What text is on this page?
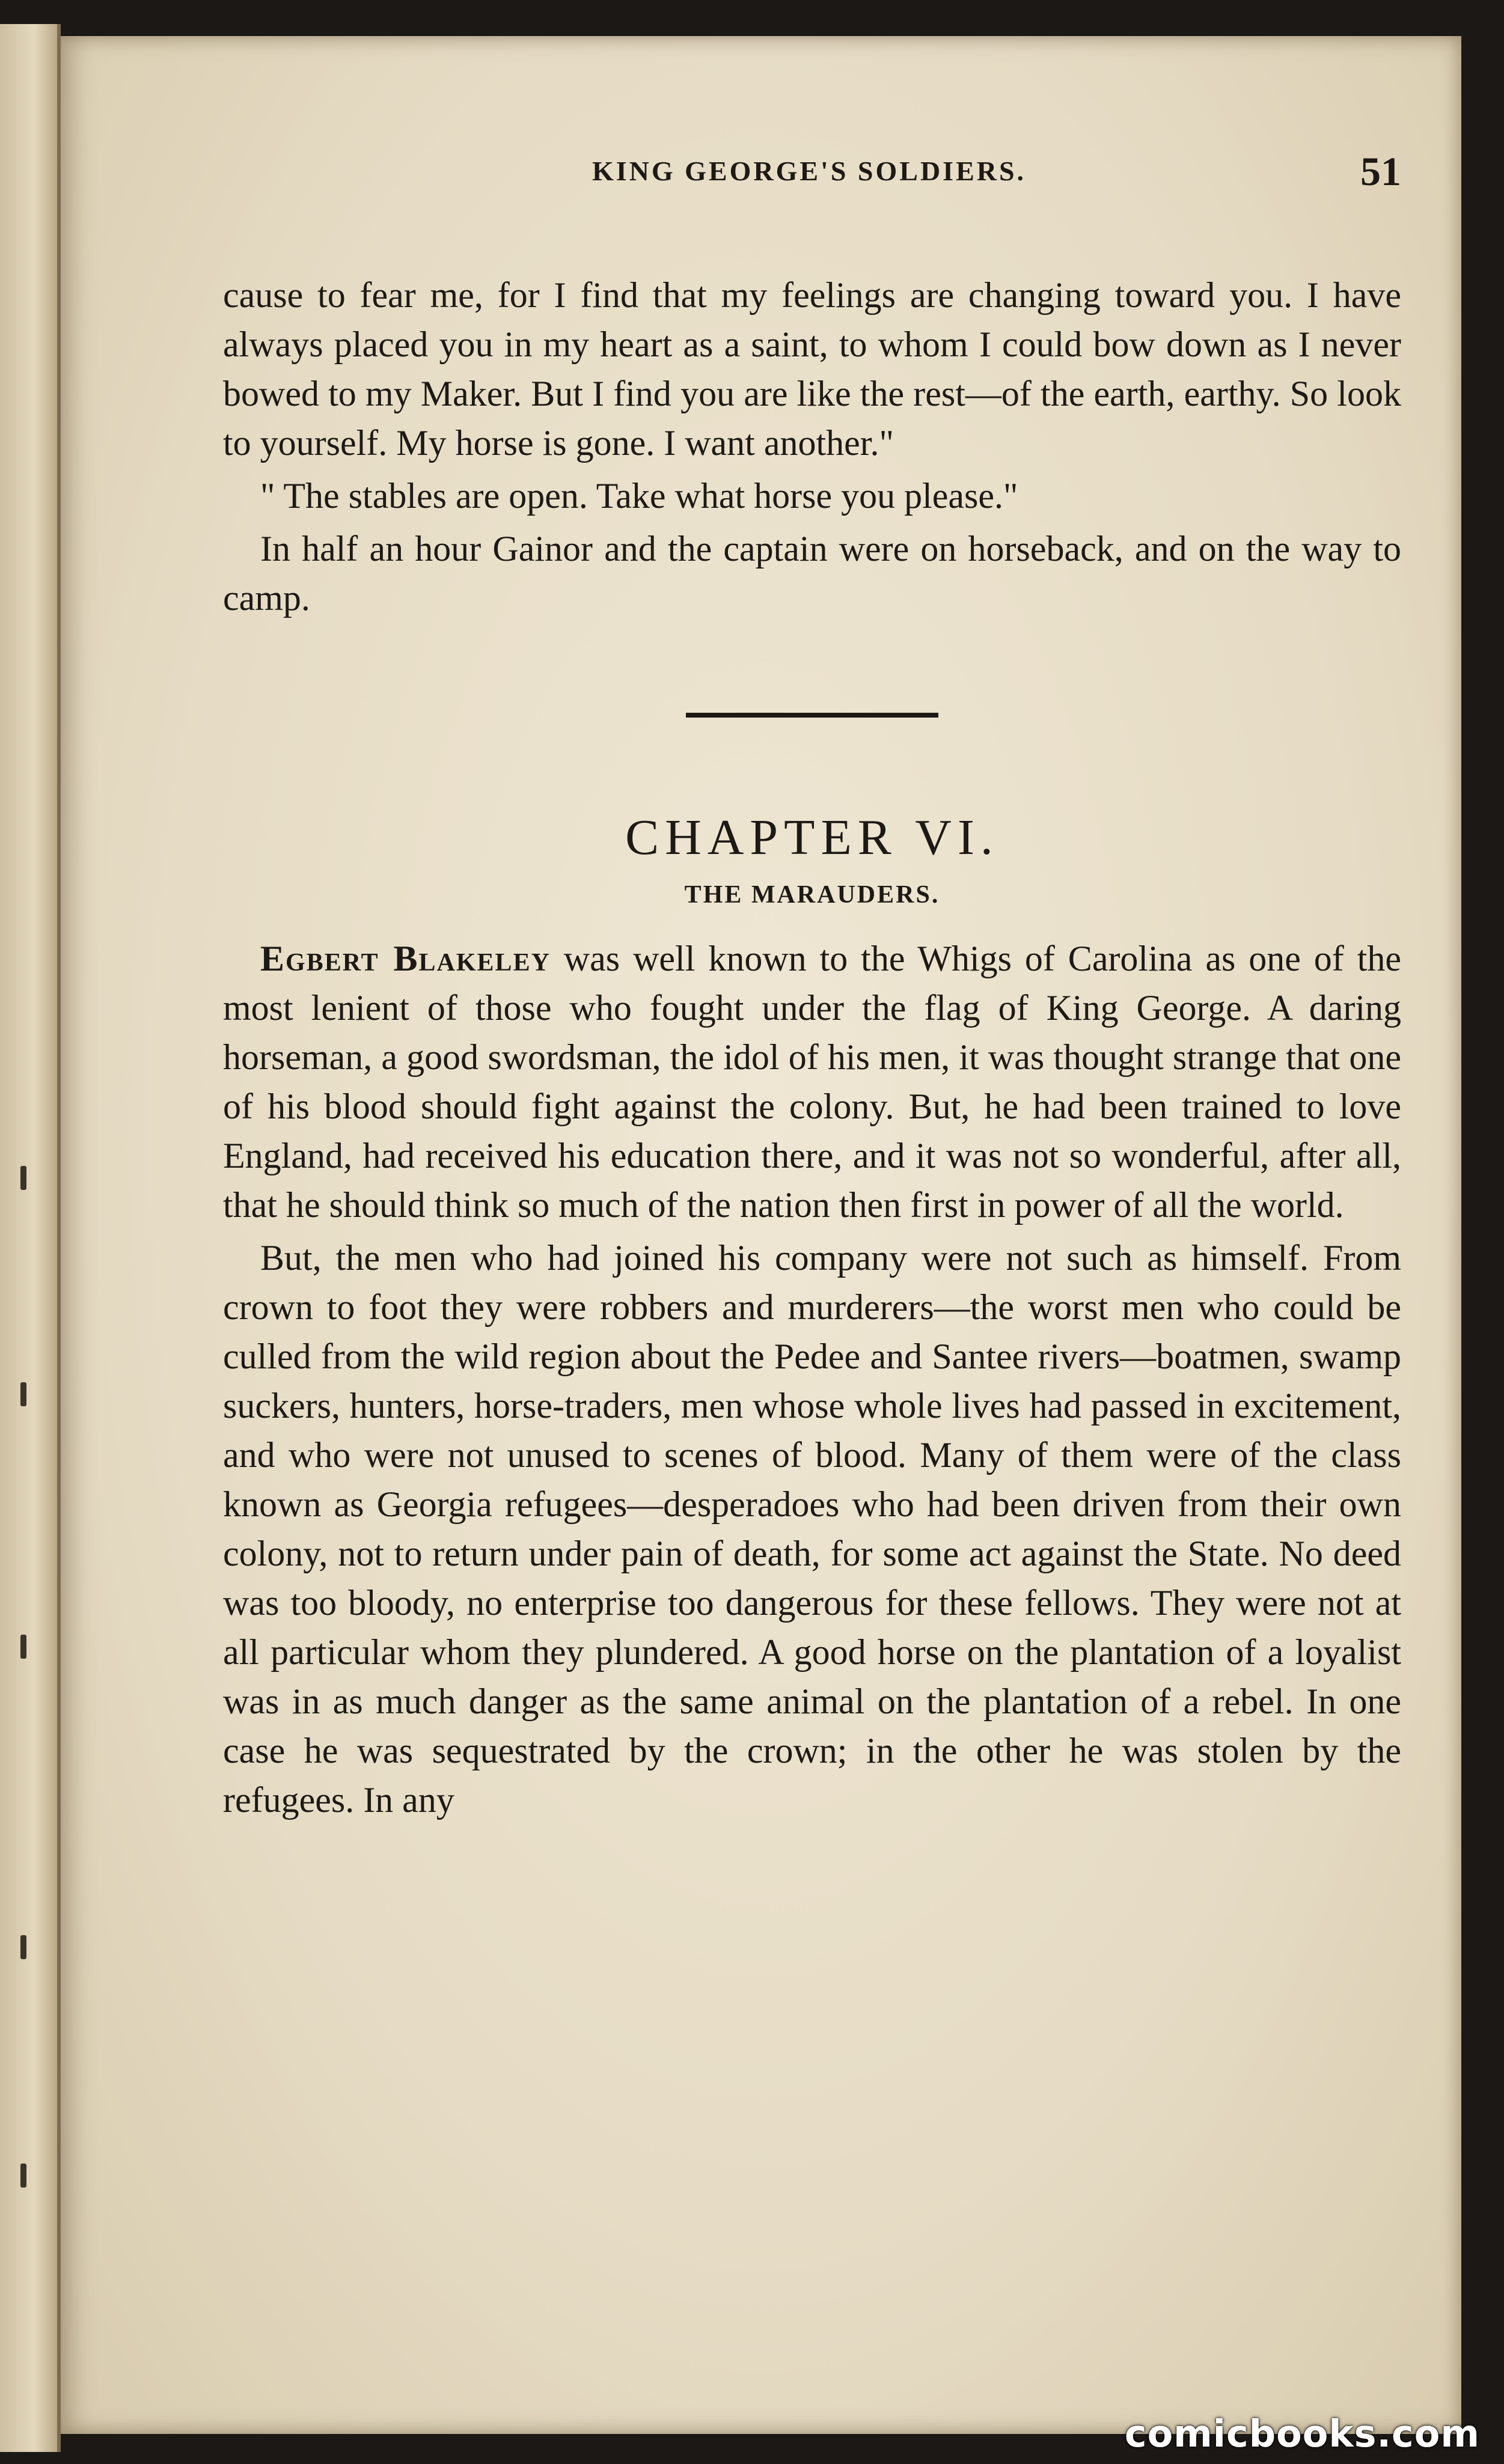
KING GEORGE'S SOLDIERS.	51

cause to fear me, for I find that my feelings are changing toward you. I have always placed you in my heart as a saint, to whom I could bow down as I never bowed to my Maker. But I find you are like the rest—of the earth, earthy. So look to yourself. My horse is gone. I want another."

" The stables are open. Take what horse you please."

In half an hour Gainor and the captain were on horseback, and on the way to camp.

CHAPTER VI.
THE MARAUDERS.

Egbert Blakeley was well known to the Whigs of Carolina as one of the most lenient of those who fought under the flag of King George. A daring horseman, a good swordsman, the idol of his men, it was thought strange that one of his blood should fight against the colony. But, he had been trained to love England, had received his education there, and it was not so wonderful, after all, that he should think so much of the nation then first in power of all the world.

But, the men who had joined his company were not such as himself. From crown to foot they were robbers and murderers—the worst men who could be culled from the wild region about the Pedee and Santee rivers—boatmen, swamp suckers, hunters, horse-traders, men whose whole lives had passed in excitement, and who were not unused to scenes of blood. Many of them were of the class known as Georgia refugees—desperadoes who had been driven from their own colony, not to return under pain of death, for some act against the State. No deed was too bloody, no enterprise too dangerous for these fellows. They were not at all particular whom they plundered. A good horse on the plantation of a loyalist was in as much danger as the same animal on the plantation of a rebel. In one case he was sequestrated by the crown; in the other he was stolen by the refugees. In any

comicbooks.com
